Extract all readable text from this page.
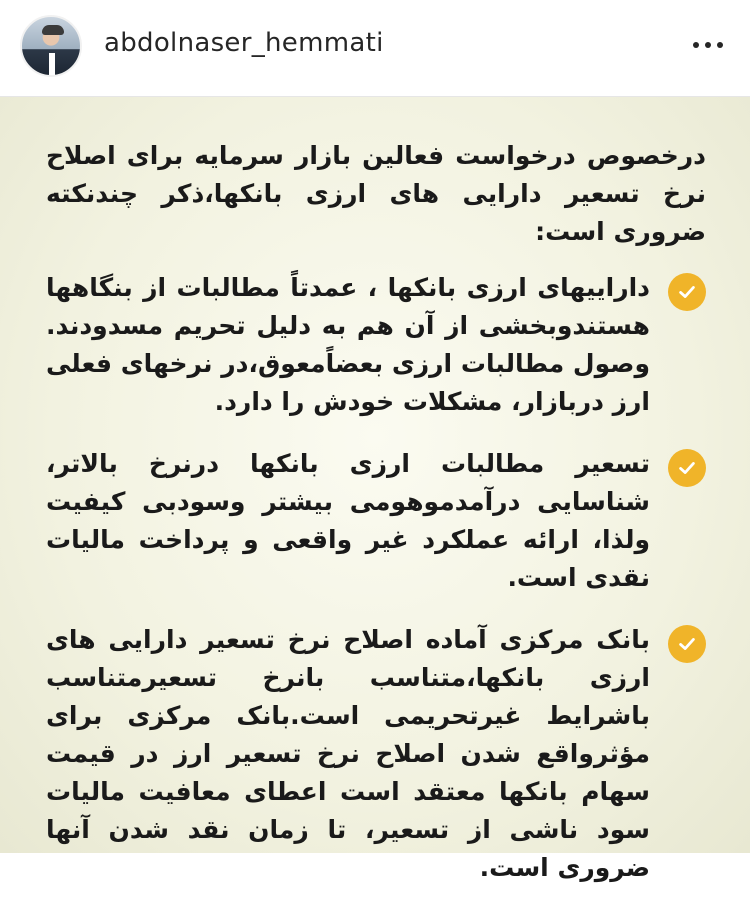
abdolnaser_hemmati

درخصوص درخواست فعالین بازار سرمایه برای اصلاح نرخ تسعیر دارایی های ارزی بانکها،ذکر چندنکته ضروری است:

داراییهای ارزی بانکها ، عمدتاً مطالبات از بنگاهها هستندوبخشی از آن هم به دلیل تحریم مسدودند. وصول مطالبات ارزی بعضاًمعوق،در نرخهای فعلی ارز دربازار، مشکلات خودش را دارد.
تسعیر مطالبات ارزی بانکها درنرخ بالاتر، شناسایی درآمدموهومی بیشتر وسودبی کیفیت ولذا، ارائه عملکرد غیر واقعی و پرداخت مالیات نقدی است.
بانک مرکزی آماده اصلاح نرخ تسعیر دارایی های ارزی بانکها،متناسب بانرخ تسعیرمتناسب باشرایط غیرتحریمی است.بانک مرکزی برای مؤثرواقع شدن اصلاح نرخ تسعیر ارز در قیمت سهام بانکها معتقد است اعطای معافیت مالیات سود ناشی از تسعیر، تا زمان نقد شدن آنها ضروری است.
